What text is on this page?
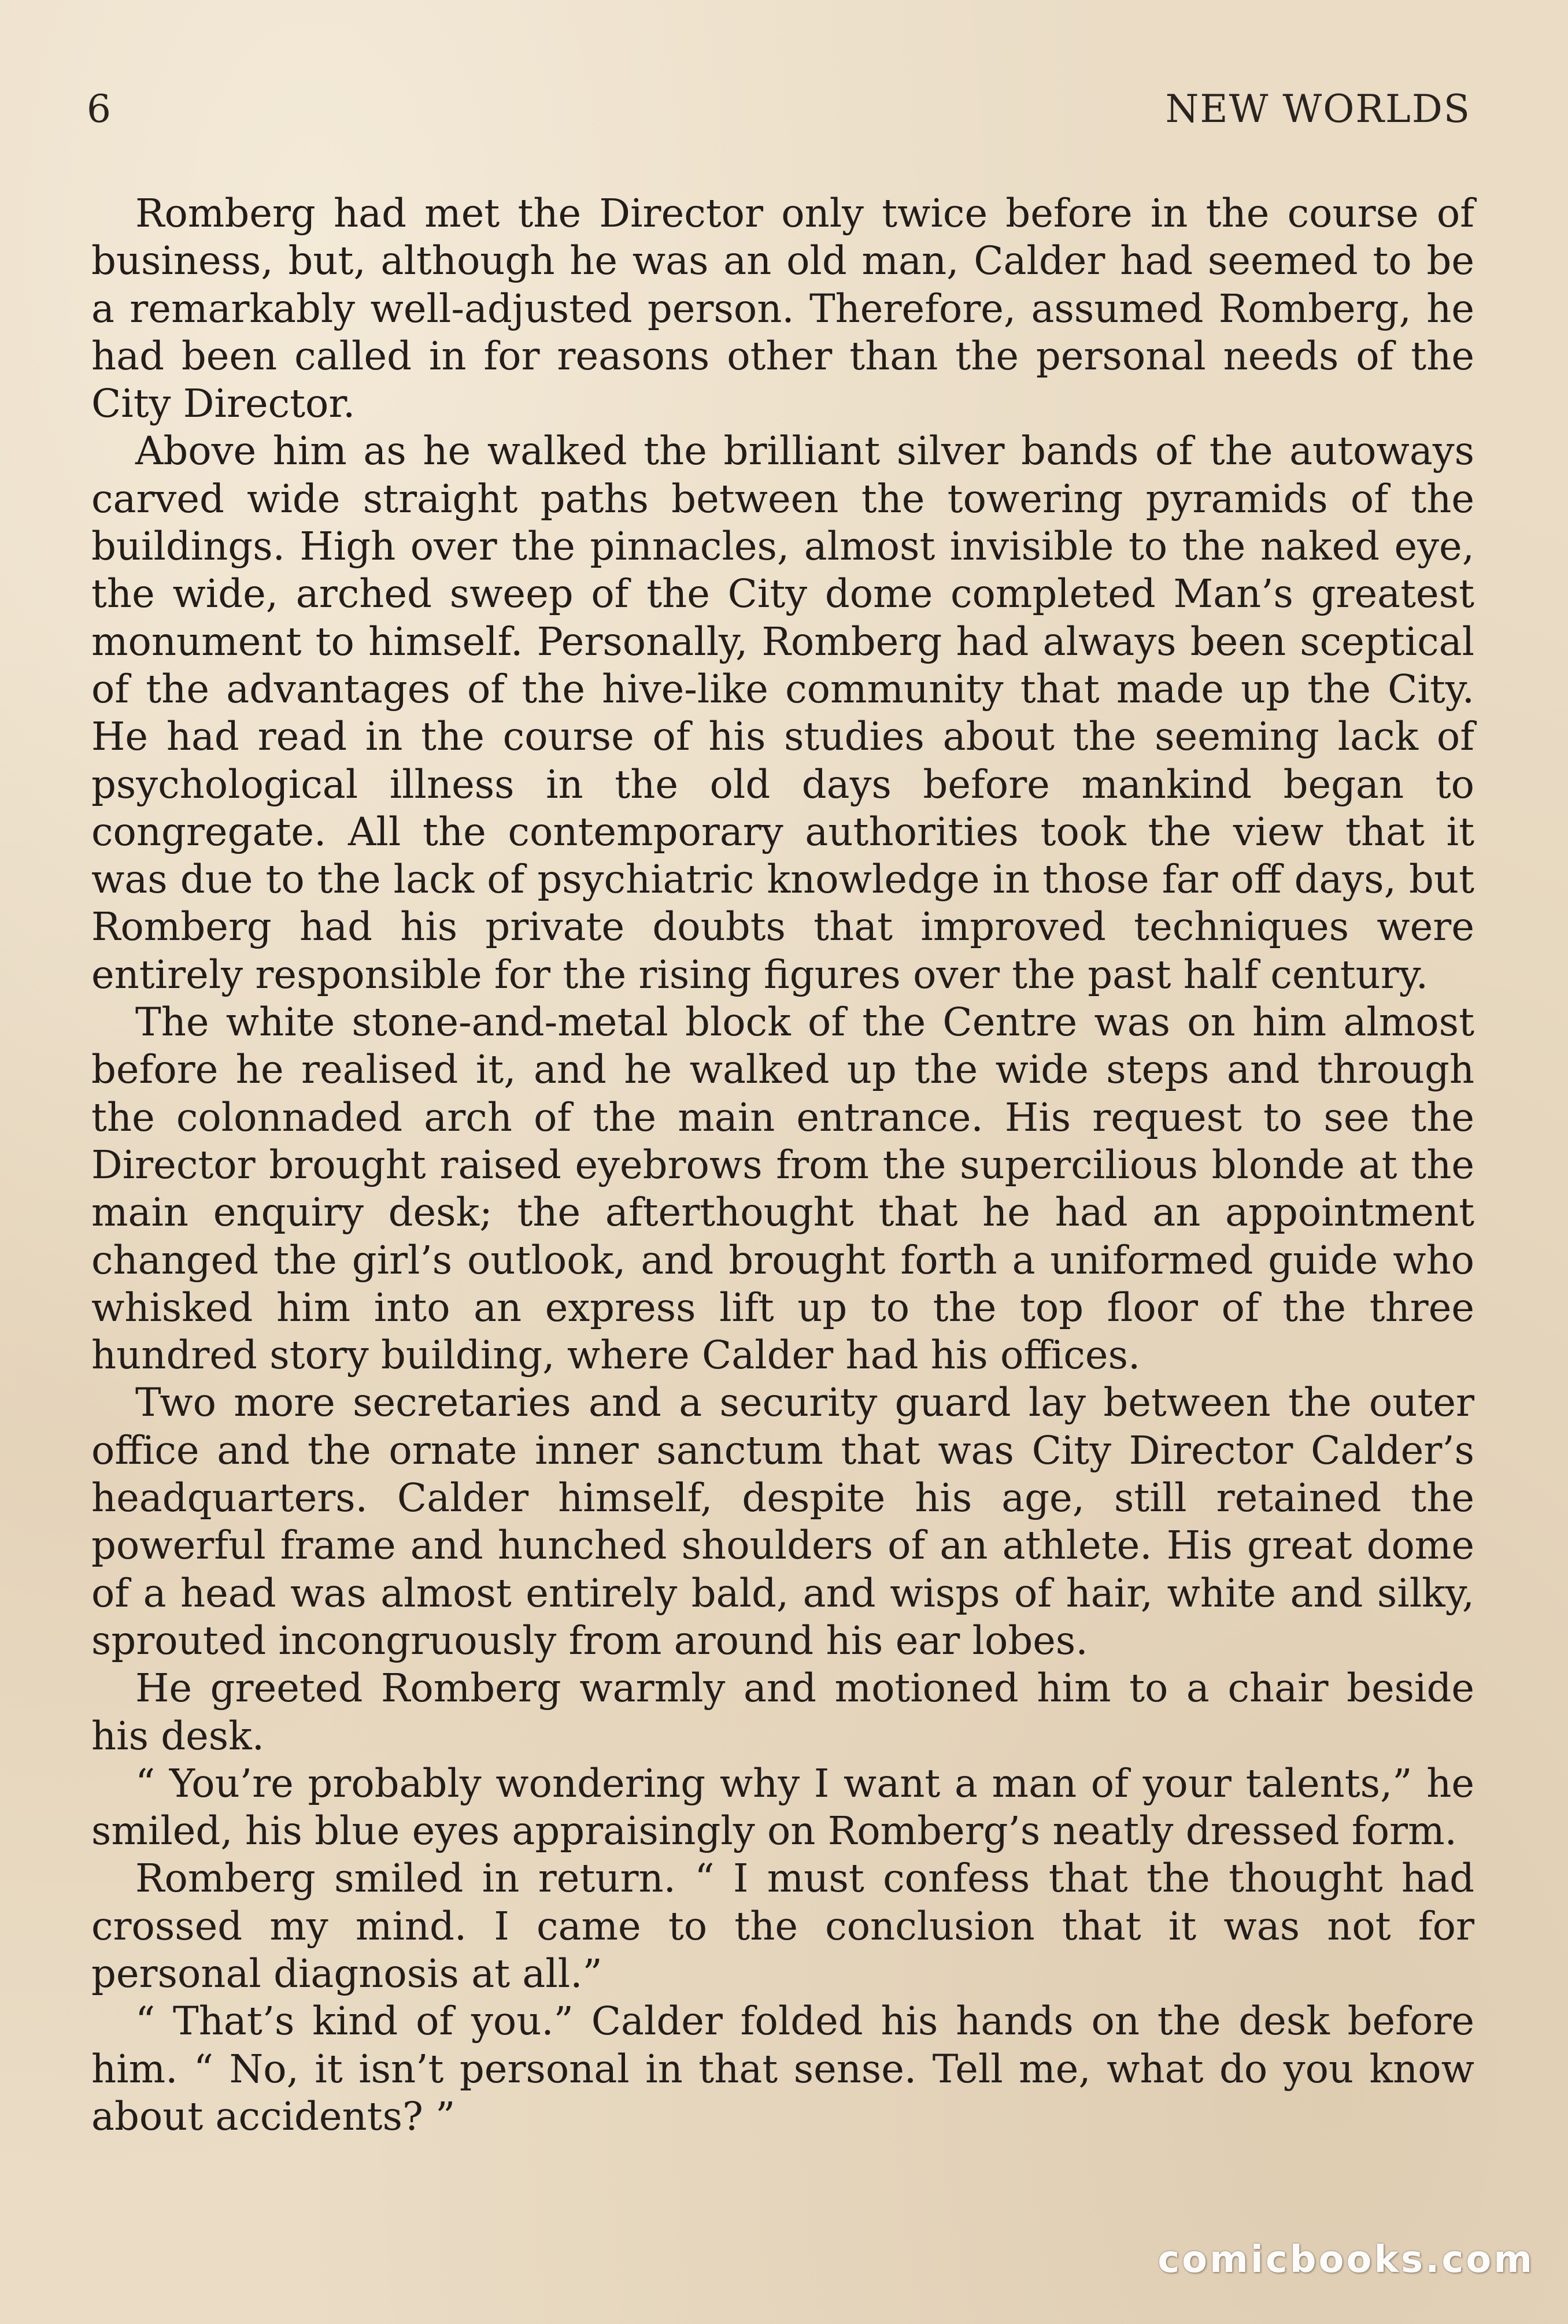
6	NEW WORLDS

Romberg had met the Director only twice before in the course of business, but, although he was an old man, Calder had seemed to be a remarkably well-adjusted person. Therefore, assumed Romberg, he had been called in for reasons other than the personal needs of the City Director.

Above him as he walked the brilliant silver bands of the autoways carved wide straight paths between the towering pyramids of the buildings. High over the pinnacles, almost invisible to the naked eye, the wide, arched sweep of the City dome completed Man’s greatest monument to himself. Personally, Romberg had always been sceptical of the advantages of the hive-like community that made up the City. He had read in the course of his studies about the seeming lack of psychological illness in the old days before mankind began to congregate. All the contemporary authorities took the view that it was due to the lack of psychiatric knowledge in those far off days, but Romberg had his private doubts that improved techniques were entirely responsible for the rising figures over the past half century.

The white stone-and-metal block of the Centre was on him almost before he realised it, and he walked up the wide steps and through the colonnaded arch of the main entrance. His request to see the Director brought raised eyebrows from the supercilious blonde at the main enquiry desk; the afterthought that he had an appointment changed the girl’s outlook, and brought forth a uniformed guide who whisked him into an express lift up to the top floor of the three hundred story building, where Calder had his offices.

Two more secretaries and a security guard lay between the outer office and the ornate inner sanctum that was City Director Calder’s headquarters. Calder himself, despite his age, still retained the powerful frame and hunched shoulders of an athlete. His great dome of a head was almost entirely bald, and wisps of hair, white and silky, sprouted incongruously from around his ear lobes.

He greeted Romberg warmly and motioned him to a chair beside his desk.

“ You’re probably wondering why I want a man of your talents,” he smiled, his blue eyes appraisingly on Romberg’s neatly dressed form.

Romberg smiled in return. “ I must confess that the thought had crossed my mind. I came to the conclusion that it was not for personal diagnosis at all.”

“ That’s kind of you.” Calder folded his hands on the desk before him. “ No, it isn’t personal in that sense. Tell me, what do you know about accidents? ”

comicbooks.com
